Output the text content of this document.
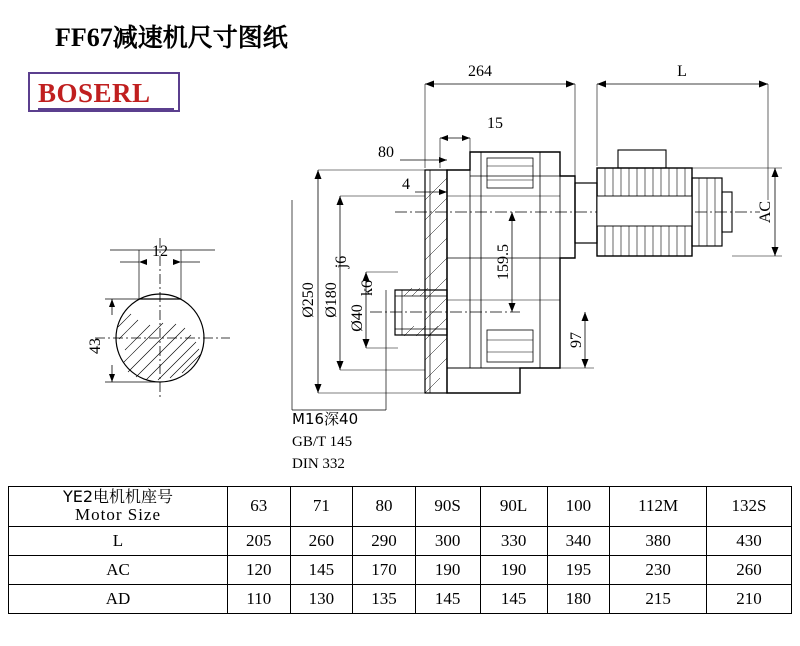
FF67减速机尺寸图纸
BOSERL
264	L
15
80
4
AC
159.5
97
Ø250 Ø180
j6
Ø40
k6
12
43
M16深40
GB/T 145
DIN 332
YE2电机机座号
Motor Size	63	71	80	90S	90L	100	112M	132S
L	205	260	290	300	330	340	380	430
AC	120	145	170	190	190	195	230	260
AD	110	130	135	145	145	180	215	210
